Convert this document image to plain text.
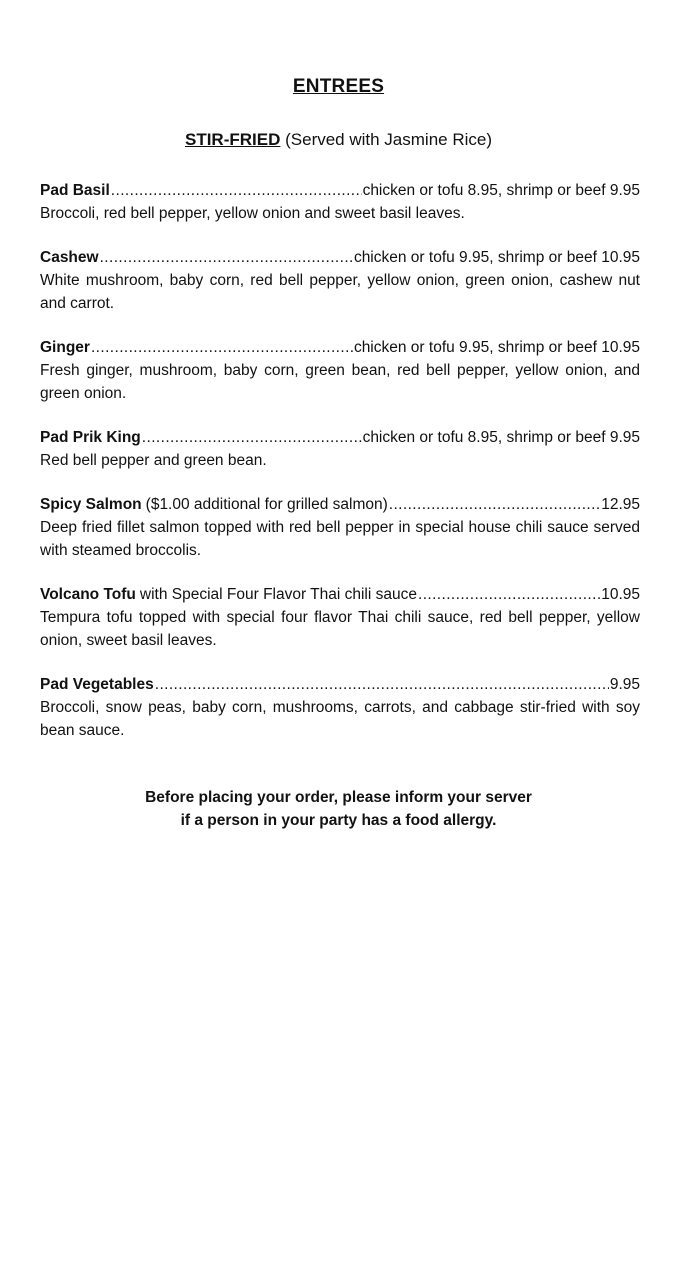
ENTREES
STIR-FRIED (Served with Jasmine Rice)
Pad Basil .....	chicken or tofu 8.95, shrimp or beef 9.95
Broccoli, red bell pepper, yellow onion and sweet basil leaves.
Cashew .....	chicken or tofu 9.95, shrimp or beef 10.95
White mushroom, baby corn, red bell pepper, yellow onion, green onion, cashew nut and carrot.
Ginger .....	chicken or tofu 9.95, shrimp or beef 10.95
Fresh ginger, mushroom, baby corn, green bean, red bell pepper, yellow onion, and green onion.
Pad Prik King .....	chicken or tofu 8.95, shrimp or beef 9.95
Red bell pepper and green bean.
Spicy Salmon ($1.00 additional for grilled salmon) .....	12.95
Deep fried fillet salmon topped with red bell pepper in special house chili sauce served with steamed broccolis.
Volcano Tofu with Special Four Flavor Thai chili sauce .....	10.95
Tempura tofu topped with special four flavor Thai chili sauce, red bell pepper, yellow onion, sweet basil leaves.
Pad Vegetables .....	9.95
Broccoli, snow peas, baby corn, mushrooms, carrots, and cabbage stir-fried with soy bean sauce.
Before placing your order, please inform your server
if a person in your party has a food allergy.
